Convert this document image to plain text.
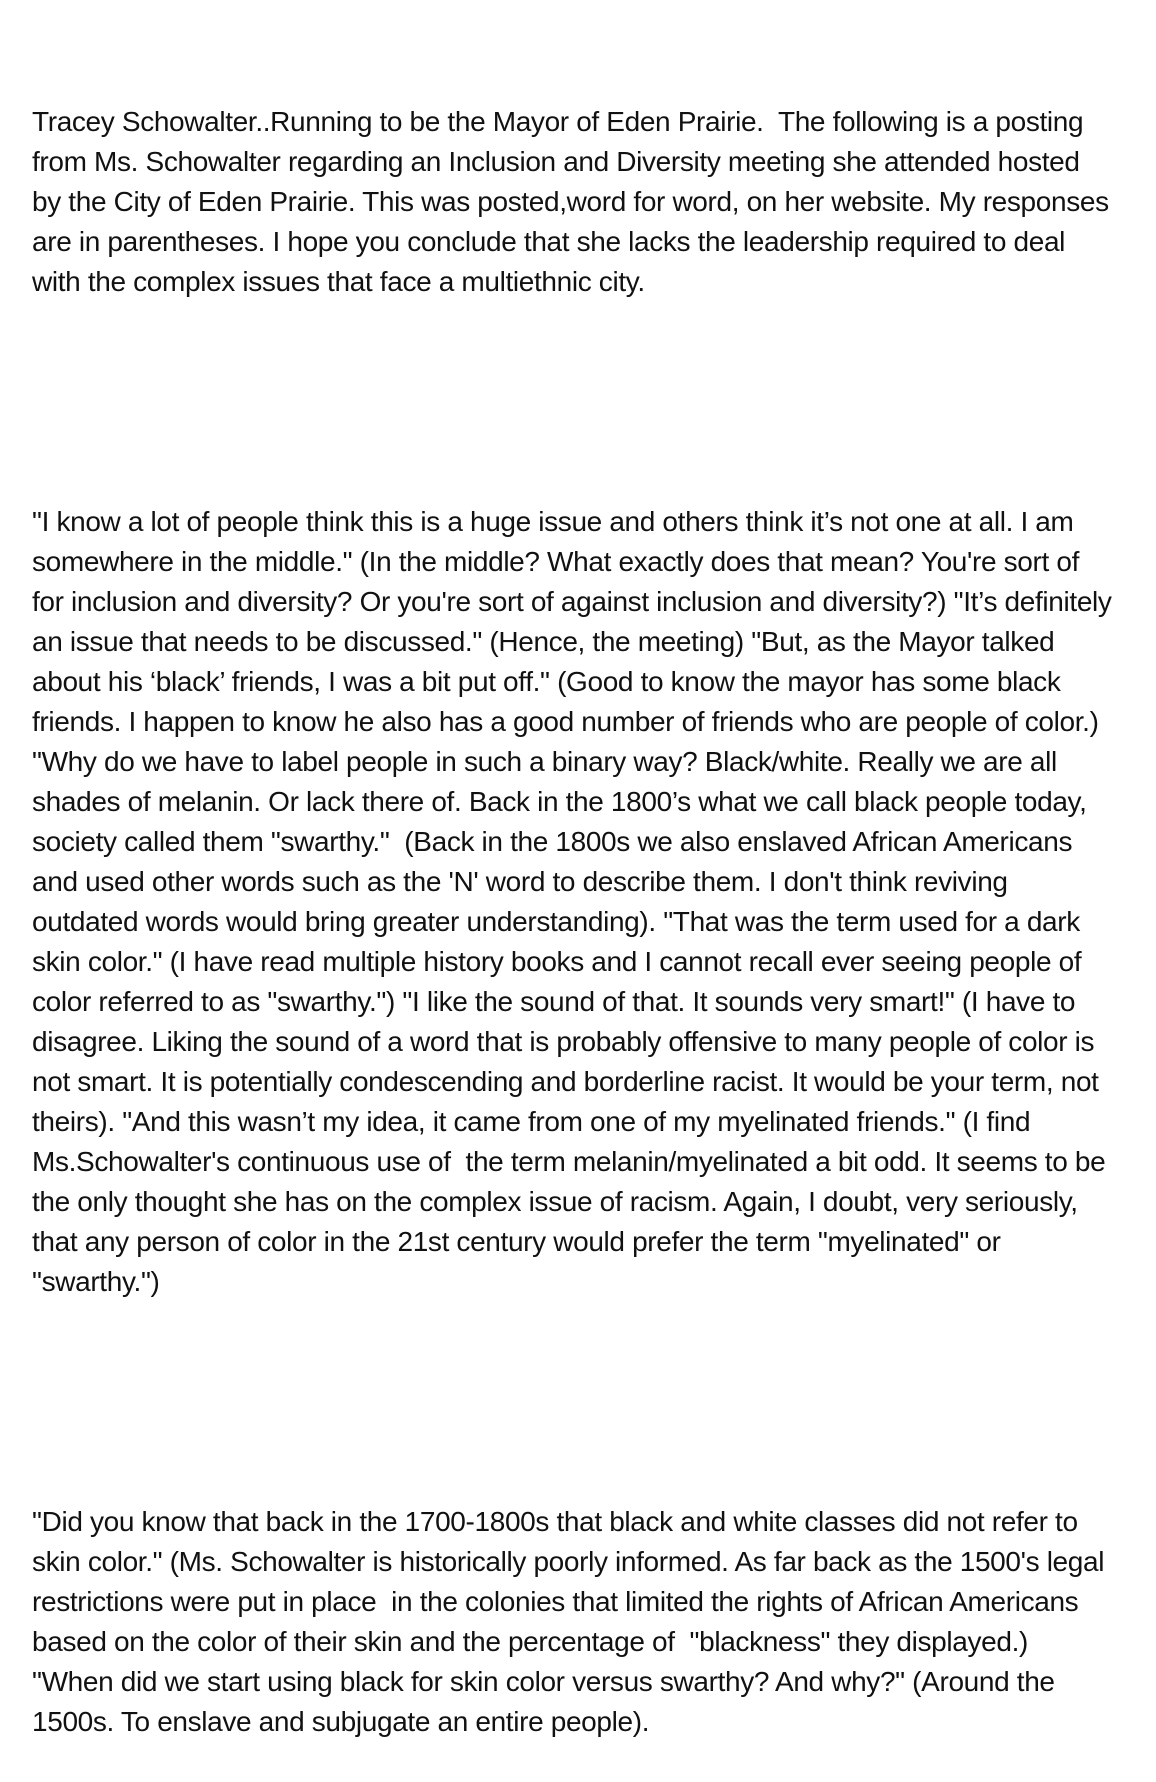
Tracey Schowalter..Running to be the Mayor of Eden Prairie.  The following is a posting from Ms. Schowalter regarding an Inclusion and Diversity meeting she attended hosted by the City of Eden Prairie. This was posted,word for word, on her website. My responses are in parentheses. I hope you conclude that she lacks the leadership required to deal with the complex issues that face a multiethnic city.

"I know a lot of people think this is a huge issue and others think it’s not one at all. I am somewhere in the middle." (In the middle? What exactly does that mean? You're sort of for inclusion and diversity? Or you're sort of against inclusion and diversity?) "It’s definitely an issue that needs to be discussed." (Hence, the meeting) "But, as the Mayor talked about his ‘black’ friends, I was a bit put off." (Good to know the mayor has some black friends. I happen to know he also has a good number of friends who are people of color.) "Why do we have to label people in such a binary way? Black/white. Really we are all shades of melanin. Or lack there of. Back in the 1800’s what we call black people today, society called them "swarthy."  (Back in the 1800s we also enslaved African Americans and used other words such as the 'N' word to describe them. I don't think reviving outdated words would bring greater understanding). "That was the term used for a dark skin color." (I have read multiple history books and I cannot recall ever seeing people of color referred to as "swarthy.") "I like the sound of that. It sounds very smart!" (I have to disagree. Liking the sound of a word that is probably offensive to many people of color is not smart. It is potentially condescending and borderline racist. It would be your term, not theirs). "And this wasn’t my idea, it came from one of my myelinated friends." (I find Ms.Schowalter's continuous use of  the term melanin/myelinated a bit odd. It seems to be the only thought she has on the complex issue of racism. Again, I doubt, very seriously, that any person of color in the 21st century would prefer the term "myelinated" or "swarthy.")

"Did you know that back in the 1700-1800s that black and white classes did not refer to skin color." (Ms. Schowalter is historically poorly informed. As far back as the 1500's legal restrictions were put in place  in the colonies that limited the rights of African Americans based on the color of their skin and the percentage of  "blackness" they displayed.)  "When did we start using black for skin color versus swarthy? And why?" (Around the 1500s. To enslave and subjugate an entire people).
